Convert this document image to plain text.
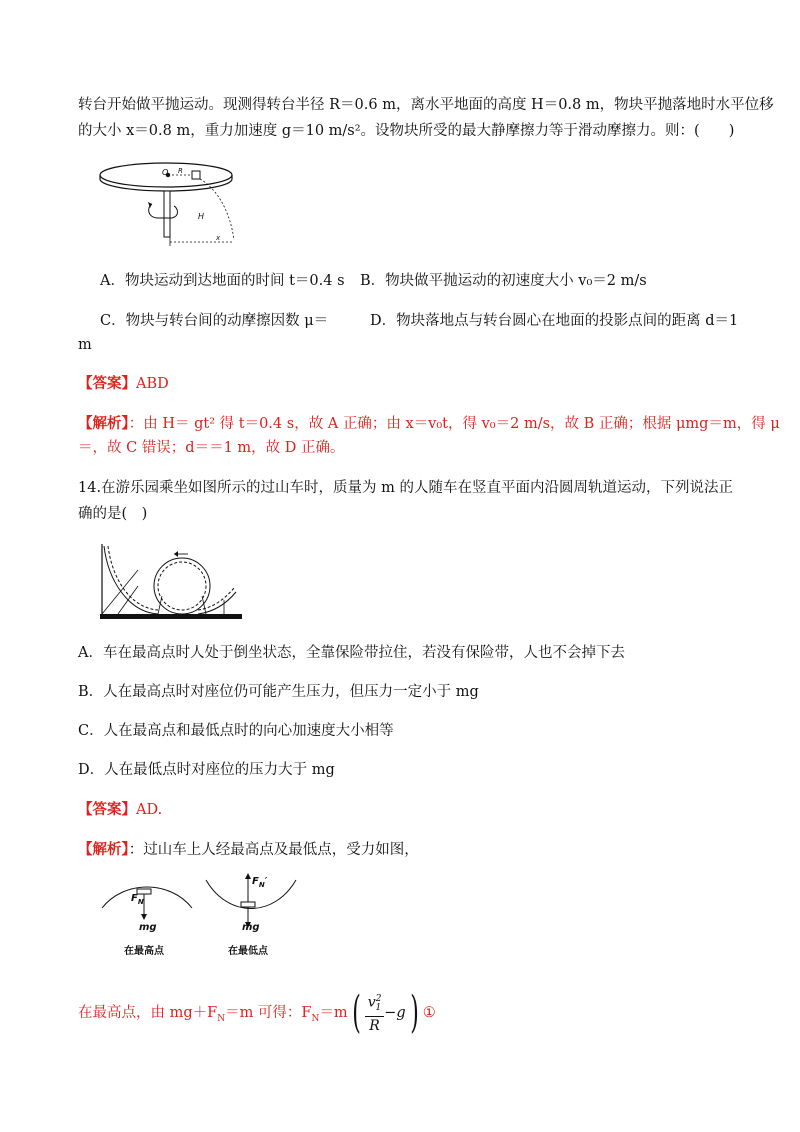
转台开始做平抛运动。现测得转台半径 R＝0.6 m，离水平地面的高度 H＝0.8 m，物块平抛落地时水平位移
的大小 x＝0.8 m，重力加速度 g＝10 m/s²。设物块所受的最大静摩擦力等于滑动摩擦力。则：(　　)
O R
H
x
A．物块运动到达地面的时间 t＝0.4 s B．物块做平抛运动的初速度大小 v₀＝2 m/s
C．物块与转台间的动摩擦因数 μ＝	D．物块落地点与转台圆心在地面的投影点间的距离 d＝1
m
【答案】ABD
【解析】：由 H＝ gt² 得 t＝0.4 s，故 A 正确；由 x＝v₀t，得 v₀＝2 m/s，故 B 正确；根据 μmg＝m，得 μ
＝，故 C 错误；d＝＝1 m，故 D 正确。
14.在游乐园乘坐如图所示的过山车时，质量为 m 的人随车在竖直平面内沿圆周轨道运动，下列说法正
确的是(　)
A．车在最高点时人处于倒坐状态，全靠保险带拉住，若没有保险带，人也不会掉下去
B．人在最高点时对座位仍可能产生压力，但压力一定小于 mg
C．人在最高点和最低点时的向心加速度大小相等
D．人在最低点时对座位的压力大于 mg
【答案】AD.
【解析】：过山车上人经最高点及最低点，受力如图，
$F_N$
mg
在最高点
$F_N'$
mg
在最低点
在最高点，由 $mg+F_N=m$ 可得：$F_N=m( \frac{v^2_1}{R} -g)$ ①
